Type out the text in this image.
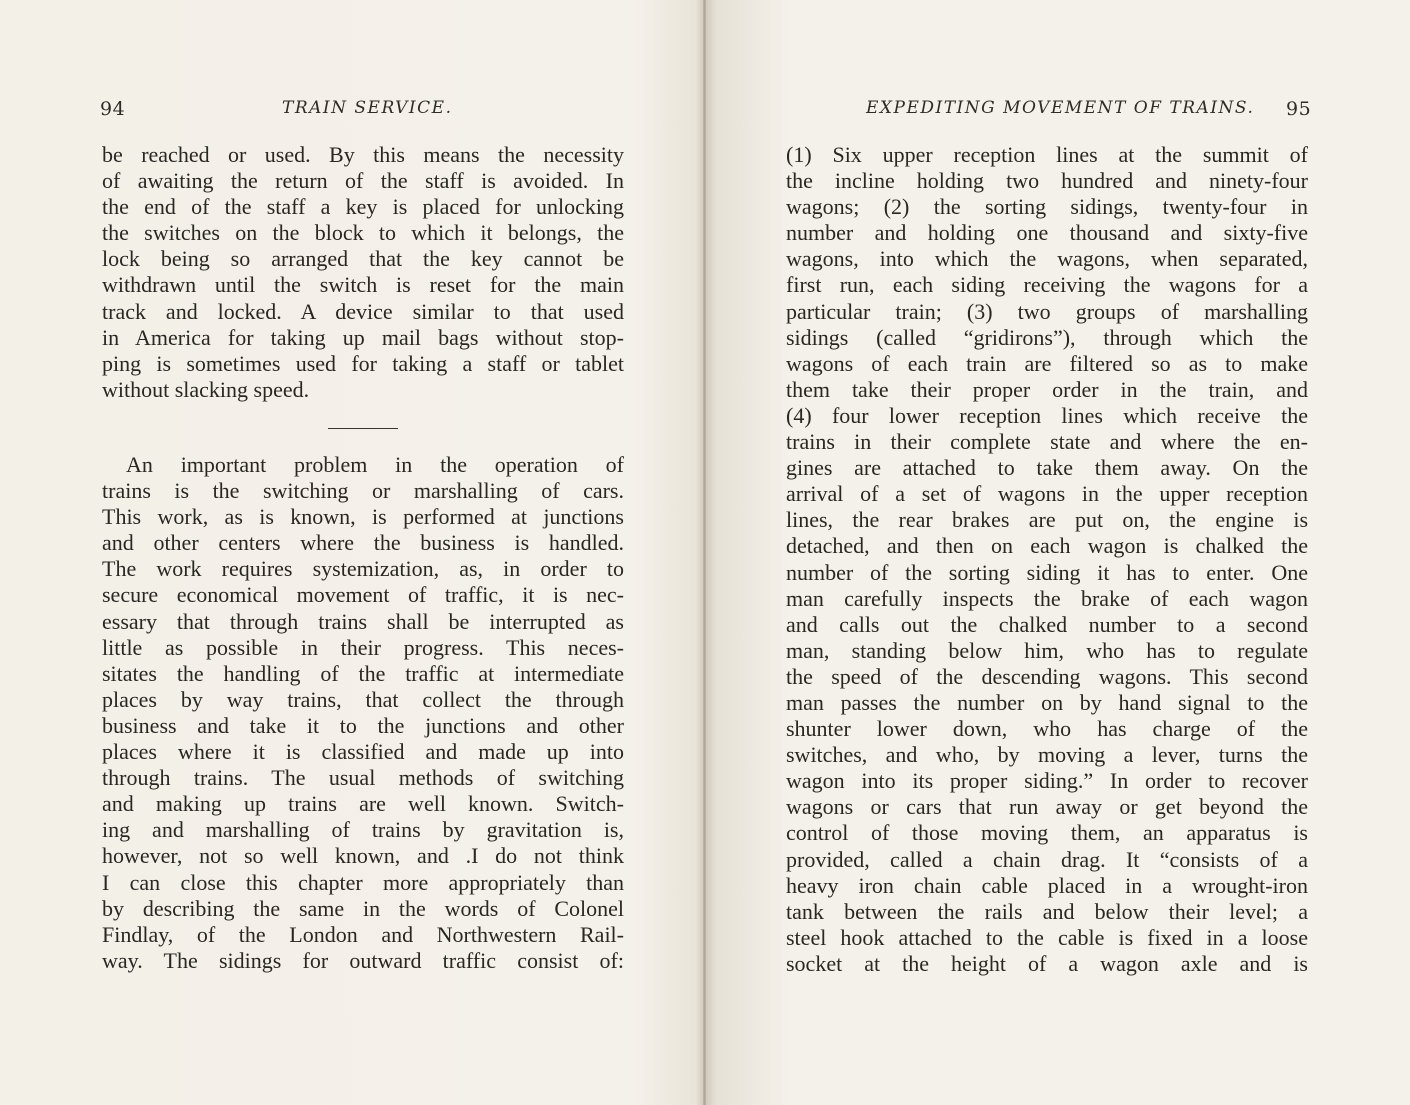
94	TRAIN SERVICE.
be reached or used. By this means the necessity
of awaiting the return of the staff is avoided. In
the end of the staff a key is placed for unlocking
the switches on the block to which it belongs, the
lock being so arranged that the key cannot be
withdrawn until the switch is reset for the main
track and locked. A device similar to that used
in America for taking up mail bags without stop-
ping is sometimes used for taking a staff or tablet
without slacking speed.
An important problem in the operation of
trains is the switching or marshalling of cars.
This work, as is known, is performed at junctions
and other centers where the business is handled.
The work requires systemization, as, in order to
secure economical movement of traffic, it is nec-
essary that through trains shall be interrupted as
little as possible in their progress. This neces-
sitates the handling of the traffic at intermediate
places by way trains, that collect the through
business and take it to the junctions and other
places where it is classified and made up into
through trains. The usual methods of switching
and making up trains are well known. Switch-
ing and marshalling of trains by gravitation is,
however, not so well known, and .I do not think
I can close this chapter more appropriately than
by describing the same in the words of Colonel
Findlay, of the London and Northwestern Rail-
way. The sidings for outward traffic consist of:
EXPEDITING MOVEMENT OF TRAINS. 95
(1) Six upper reception lines at the summit of
the incline holding two hundred and ninety-four
wagons; (2) the sorting sidings, twenty-four in
number and holding one thousand and sixty-five
wagons, into which the wagons, when separated,
first run, each siding receiving the wagons for a
particular train; (3) two groups of marshalling
sidings (called “gridirons”), through which the
wagons of each train are filtered so as to make
them take their proper order in the train, and
(4) four lower reception lines which receive the
trains in their complete state and where the en-
gines are attached to take them away. On the
arrival of a set of wagons in the upper reception
lines, the rear brakes are put on, the engine is
detached, and then on each wagon is chalked the
number of the sorting siding it has to enter. One
man carefully inspects the brake of each wagon
and calls out the chalked number to a second
man, standing below him, who has to regulate
the speed of the descending wagons. This second
man passes the number on by hand signal to the
shunter lower down, who has charge of the
switches, and who, by moving a lever, turns the
wagon into its proper siding.” In order to recover
wagons or cars that run away or get beyond the
control of those moving them, an apparatus is
provided, called a chain drag. It “consists of a
heavy iron chain cable placed in a wrought-iron
tank between the rails and below their level; a
steel hook attached to the cable is fixed in a loose
socket at the height of a wagon axle and is
